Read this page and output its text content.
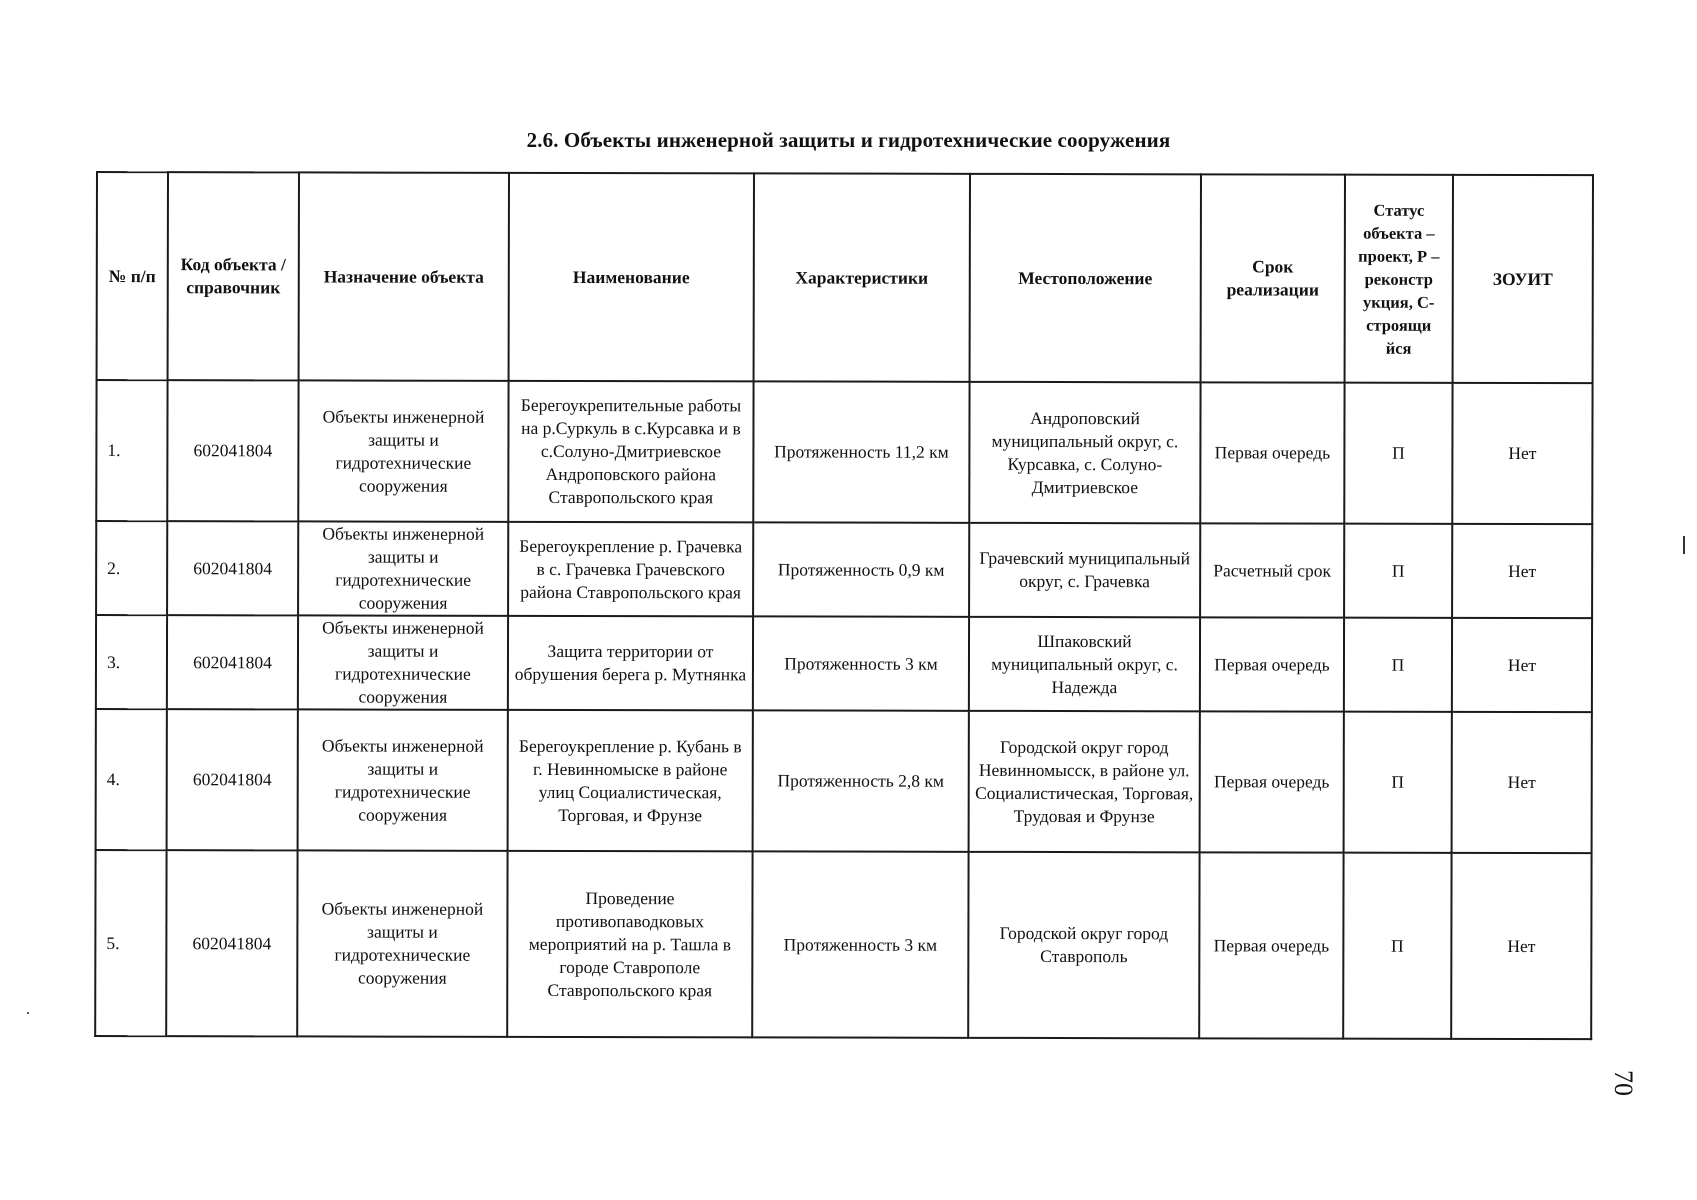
2.6. Объекты инженерной защиты и гидротехнические сооружения
№ п/п	Код объекта / справочник	Назначение объекта	Наименование	Характеристики	Местоположение	Срок реализации	Статус объекта – проект, Р – реконстр укция, С-строящи йся	ЗОУИТ
1.	602041804	Объекты инженерной защиты и гидротехнические сооружения	Берегоукрепительные работы на р.Суркуль в с.Курсавка и в с.Солуно-Дмитриевское Андроповского района Ставропольского края	Протяженность 11,2 км	Андроповский муниципальный округ, с. Курсавка, с. Солуно-Дмитриевское	Первая очередь	П	Нет
2.	602041804	Объекты инженерной защиты и гидротехнические сооружения	Берегоукрепление р. Грачевка в с. Грачевка Грачевского района Ставропольского края	Протяженность 0,9 км	Грачевский муниципальный округ, с. Грачевка	Расчетный срок	П	Нет
3.	602041804	Объекты инженерной защиты и гидротехнические сооружения	Защита территории от обрушения берега р. Мутнянка	Протяженность 3 км	Шпаковский муниципальный округ, с. Надежда	Первая очередь	П	Нет
4.	602041804	Объекты инженерной защиты и гидротехнические сооружения	Берегоукрепление р. Кубань в г. Невинномыске в районе улиц Социалистическая, Торговая, и Фрунзе	Протяженность 2,8 км	Городской округ город Невинномысск, в районе ул. Социалистическая, Торговая, Трудовая и Фрунзе	Первая очередь	П	Нет
5.	602041804	Объекты инженерной защиты и гидротехнические сооружения	Проведение противопаводковых мероприятий на р. Ташла в городе Ставрополе Ставропольского края	Протяженность 3 км	Городской округ город Ставрополь	Первая очередь	П	Нет
70
